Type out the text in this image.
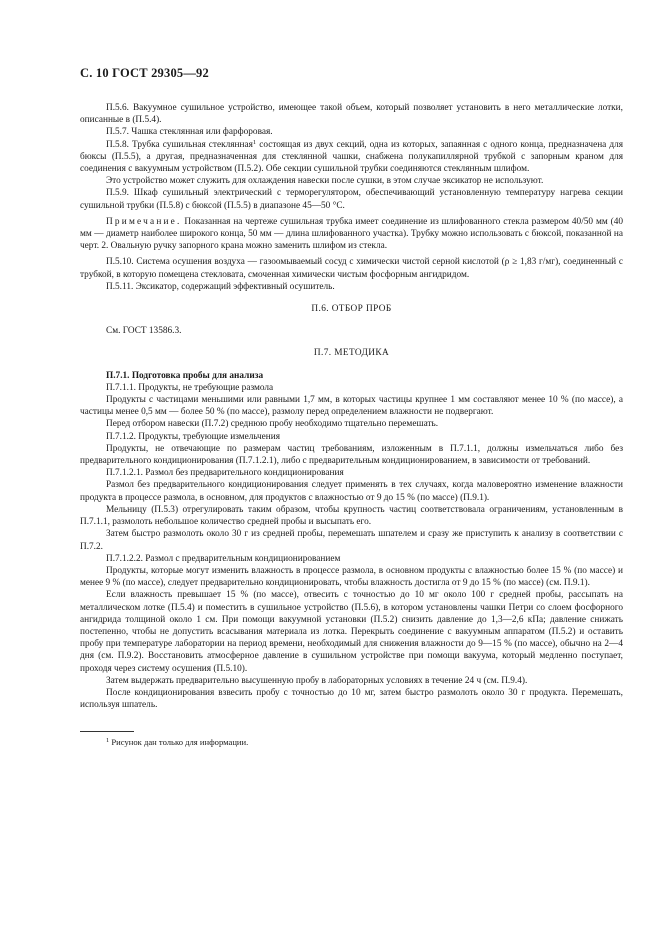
С. 10 ГОСТ 29305—92

П.5.6. Вакуумное сушильное устройство, имеющее такой объем, который позволяет установить в него металлические лотки, описанные в (П.5.4).

П.5.7. Чашка стеклянная или фарфоровая.

П.5.8. Трубка сушильная стеклянная$^1$ состоящая из двух секций, одна из которых, запаянная с одного конца, предназначена для бюксы (П.5.5), а другая, предназначенная для стеклянной чашки, снабжена полукапиллярной трубкой с запорным краном для соединения с вакуумным устройством (П.5.2). Обе секции сушильной трубки соединяются стеклянным шлифом.

Это устройство может служить для охлаждения навески после сушки, в этом случае эксикатор не используют.

П.5.9. Шкаф сушильный электрический с терморегулятором, обеспечивающий установленную температуру нагрева секции сушильной трубки (П.5.8) с бюксой (П.5.5) в диапазоне 45—50 °С.

Примечание. Показанная на чертеже сушильная трубка имеет соединение из шлифованного стекла размером 40/50 мм (40 мм — диаметр наиболее широкого конца, 50 мм — длина шлифованного участка). Трубку можно использовать с бюксой, показанной на черт. 2. Овальную ручку запорного крана можно заменить шлифом из стекла.

П.5.10. Система осушения воздуха — газоомываемый сосуд с химически чистой серной кислотой (ρ ≥ 1,83 г/мг), соединенный с трубкой, в которую помещена стекловата, смоченная химически чистым фосфорным ангидридом.

П.5.11. Эксикатор, содержащий эффективный осушитель.

П.6. ОТБОР ПРОБ

См. ГОСТ 13586.3.

П.7. МЕТОДИКА

П.7.1. Подготовка пробы для анализа

П.7.1.1. Продукты, не требующие размола

Продукты с частицами меньшими или равными 1,7 мм, в которых частицы крупнее 1 мм составляют менее 10 % (по массе), а частицы менее 0,5 мм — более 50 % (по массе), размолу перед определением влажности не подвергают.

Перед отбором навески (П.7.2) среднюю пробу необходимо тщательно перемешать.

П.7.1.2. Продукты, требующие измельчения

Продукты, не отвечающие по размерам частиц требованиям, изложенным в П.7.1.1, должны измельчаться либо без предварительного кондиционирования (П.7.1.2.1), либо с предварительным кондиционированием, в зависимости от требований.

П.7.1.2.1. Размол без предварительного кондиционирования

Размол без предварительного кондиционирования следует применять в тех случаях, когда маловероятно изменение влажности продукта в процессе размола, в основном, для продуктов с влажностью от 9 до 15 % (по массе) (П.9.1).

Мельницу (П.5.3) отрегулировать таким образом, чтобы крупность частиц соответствовала ограничениям, установленным в П.7.1.1, размолоть небольшое количество средней пробы и высыпать его.

Затем быстро размолоть около 30 г из средней пробы, перемешать шпателем и сразу же приступить к анализу в соответствии с П.7.2.

П.7.1.2.2. Размол с предварительным кондиционированием

Продукты, которые могут изменить влажность в процессе размола, в основном продукты с влажностью более 15 % (по массе) и менее 9 % (по массе), следует предварительно кондиционировать, чтобы влажность достигла от 9 до 15 % (по массе) (см. П.9.1).

Если влажность превышает 15 % (по массе), отвесить с точностью до 10 мг около 100 г средней пробы, рассыпать на металлическом лотке (П.5.4) и поместить в сушильное устройство (П.5.6), в котором установлены чашки Петри со слоем фосфорного ангидрида толщиной около 1 см. При помощи вакуумной установки (П.5.2) снизить давление до 1,3—2,6 кПа; давление снижать постепенно, чтобы не допустить всасывания материала из лотка. Перекрыть соединение с вакуумным аппаратом (П.5.2) и оставить пробу при температуре лаборатории на период времени, необходимый для снижения влажности до 9—15 % (по массе), обычно на 2—4 дня (см. П.9.2). Восстановить атмосферное давление в сушильном устройстве при помощи вакуума, который медленно поступает, проходя через систему осушения (П.5.10).

Затем выдержать предварительно высушенную пробу в лабораторных условиях в течение 24 ч (см. П.9.4).

После кондиционирования взвесить пробу с точностью до 10 мг, затем быстро размолоть около 30 г продукта. Перемешать, используя шпатель.

$^1$ Рисунок дан только для информации.
